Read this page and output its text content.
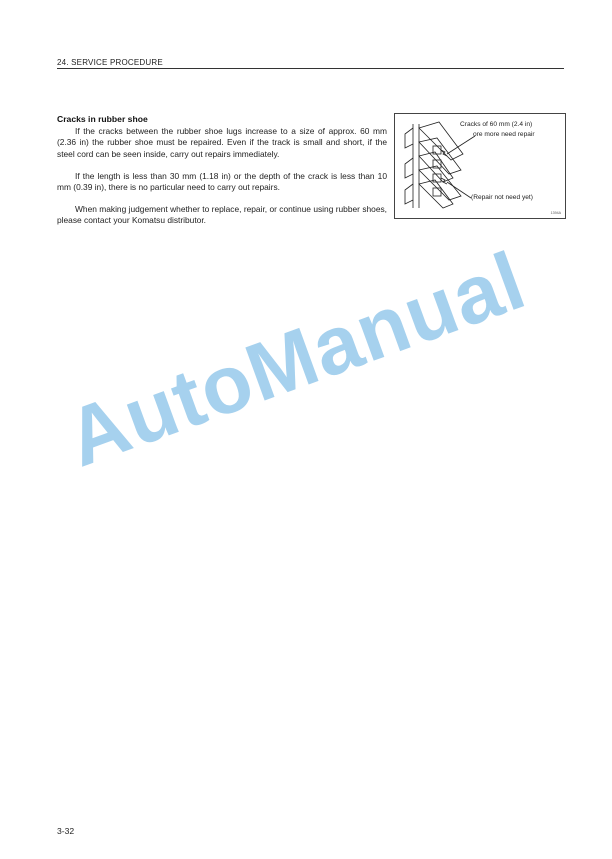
24. SERVICE PROCEDURE
Cracks in rubber shoe

If the cracks between the rubber shoe lugs increase to a size of approx. 60 mm (2.36 in) the rubber shoe must be repaired. Even if the track is small and short, if the steel cord can be seen inside, carry out repairs immediately.

If the length is less than 30 mm (1.18 in) or the depth of the crack is less than 10 mm (0.39 in), there is no particular need to carry out repairs.

When making judgement whether to replace, repair, or continue using rubber shoes, please contact your Komatsu distributor.

Cracks of 60 mm (2.4 in)
ore more need repair
(Repair not need yet)
1394A
AutoManual
3-32
